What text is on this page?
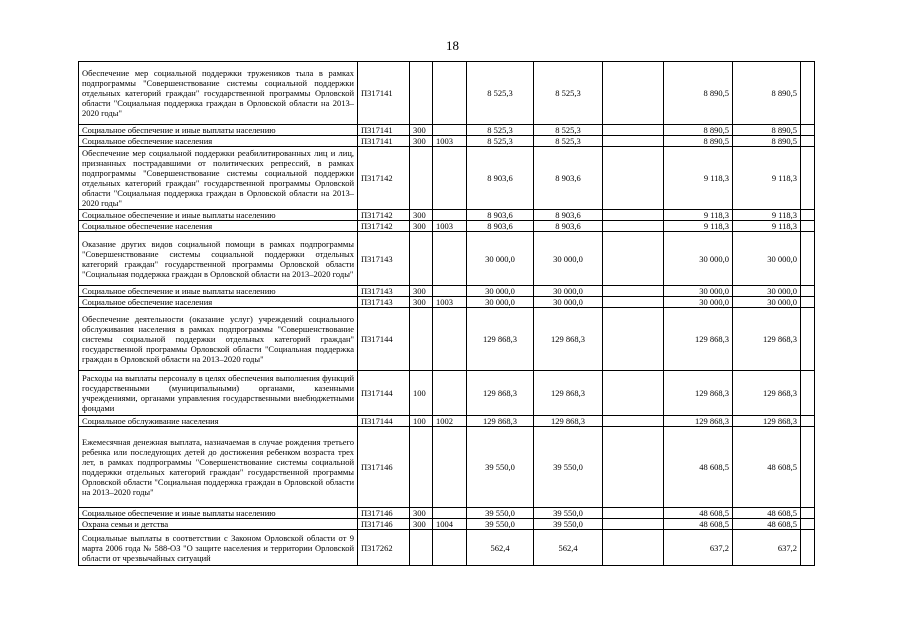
18
Обеспечение мер социальной поддержки тружеников тыла в рамках подпрограммы "Совершенствование системы социальной поддержки отдельных категорий граждан" государственной программы Орловской области "Социальная поддержка граждан в Орловской области на 2013–2020 годы"	П317141			8 525,3	8 525,3		8 890,5	8 890,5	
Социальное обеспечение и иные выплаты населению	П317141	300		8 525,3	8 525,3		8 890,5	8 890,5	
Социальное обеспечение населения	П317141	300	1003	8 525,3	8 525,3		8 890,5	8 890,5	
Обеспечение мер социальной поддержки реабилитированных лиц и лиц, признанных пострадавшими от политических репрессий, в рамках подпрограммы "Совершенствование системы социальной поддержки отдельных категорий граждан" государственной программы Орловской области "Социальная поддержка граждан в Орловской области на 2013–2020 годы"	П317142			8 903,6	8 903,6		9 118,3	9 118,3	
Социальное обеспечение и иные выплаты населению	П317142	300		8 903,6	8 903,6		9 118,3	9 118,3	
Социальное обеспечение населения	П317142	300	1003	8 903,6	8 903,6		9 118,3	9 118,3	
Оказание других видов социальной помощи в рамках подпрограммы "Совершенствование системы социальной поддержки отдельных категорий граждан" государственной программы Орловской области "Социальная поддержка граждан в Орловской области на 2013–2020 годы"	П317143			30 000,0	30 000,0		30 000,0	30 000,0	
Социальное обеспечение и иные выплаты населению	П317143	300		30 000,0	30 000,0		30 000,0	30 000,0	
Социальное обеспечение населения	П317143	300	1003	30 000,0	30 000,0		30 000,0	30 000,0	
Обеспечение деятельности (оказание услуг) учреждений социального обслуживания населения в рамках подпрограммы "Совершенствование системы социальной поддержки отдельных категорий граждан" государственной программы Орловской области "Социальная поддержка граждан в Орловской области на 2013–2020 годы"	П317144			129 868,3	129 868,3		129 868,3	129 868,3	
Расходы на выплаты персоналу в целях обеспечения выполнения функций государственными (муниципальными) органами, казенными учреждениями, органами управления государственными внебюджетными фондами	П317144	100		129 868,3	129 868,3		129 868,3	129 868,3	
Социальное обслуживание населения	П317144	100	1002	129 868,3	129 868,3		129 868,3	129 868,3	
Ежемесячная денежная выплата, назначаемая в случае рождения третьего ребенка или последующих детей до достижения ребенком возраста трех лет, в рамках подпрограммы "Совершенствование системы социальной поддержки отдельных категорий граждан" государственной программы Орловской области "Социальная поддержка граждан в Орловской области на 2013–2020 годы"	П317146			39 550,0	39 550,0		48 608,5	48 608,5	
Социальное обеспечение и иные выплаты населению	П317146	300		39 550,0	39 550,0		48 608,5	48 608,5	
Охрана семьи и детства	П317146	300	1004	39 550,0	39 550,0		48 608,5	48 608,5	
Социальные выплаты в соответствии с Законом Орловской области от 9 марта 2006 года № 588-ОЗ "О защите населения и территории Орловской области от чрезвычайных ситуаций	П317262			562,4	562,4		637,2	637,2	
